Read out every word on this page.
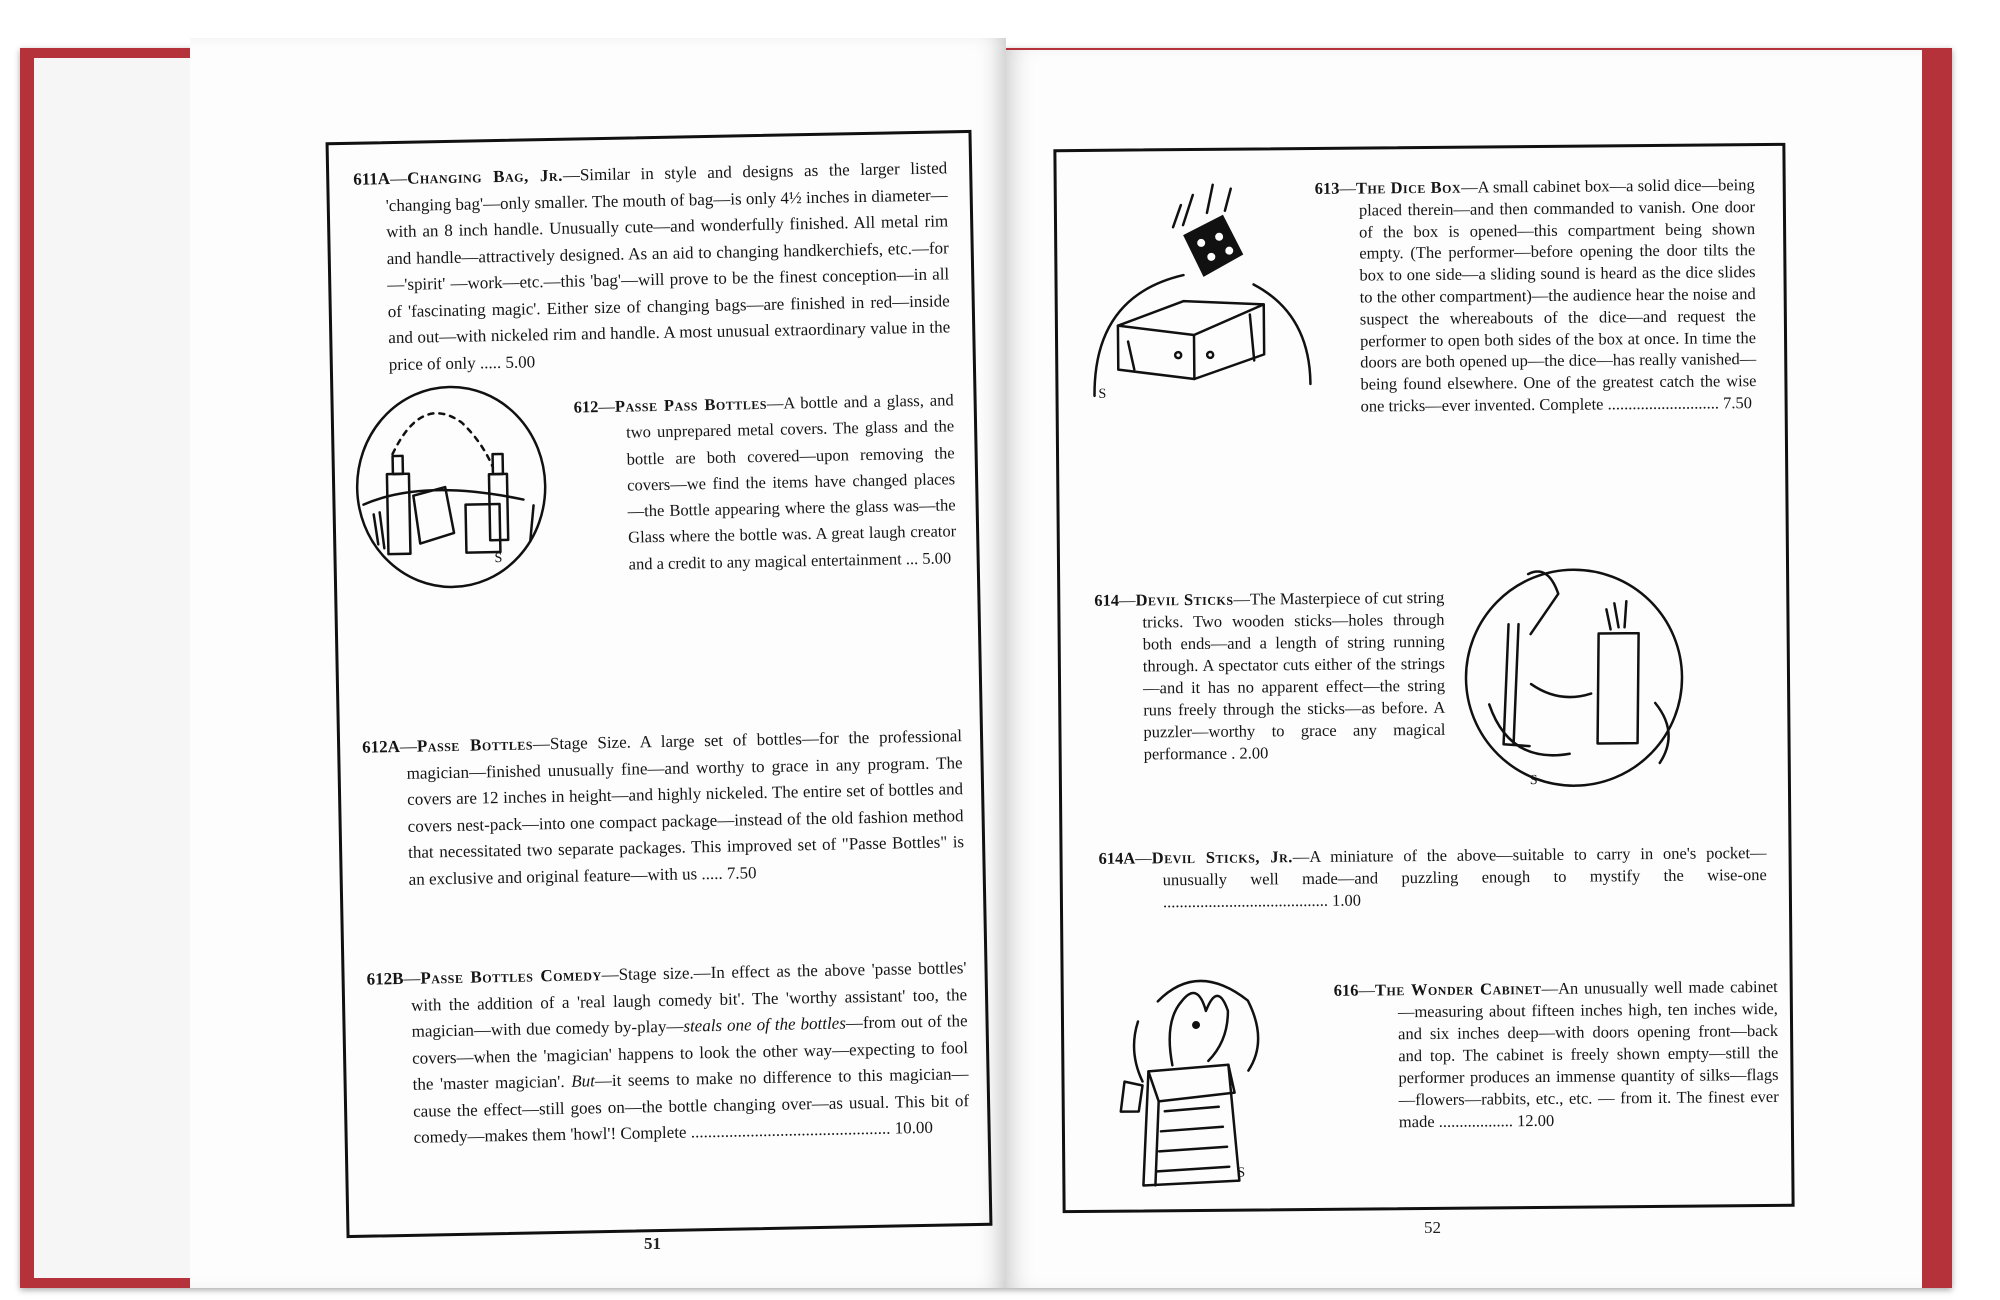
611A—Changing Bag, Jr.—Similar in style and designs as the larger listed 'changing bag'—only smaller. The mouth of bag—is only 4½ inches in diameter—with an 8 inch handle. Unusually cute—and wonderfully finished. All metal rim and handle—attractively designed. As an aid to changing handkerchiefs, etc.—for—'spirit' —work—etc.—this 'bag'—will prove to be the finest conception—in all of 'fascinating magic'. Either size of changing bags—are finished in red—inside and out—with nickeled rim and handle. A most unusual extraordinary value in the price of only ..... 5.00
S
612—Passe Pass Bottles—A bottle and a glass, and two unprepared metal covers. The glass and the bottle are both covered—upon removing the covers—we find the items have changed places—the Bottle appearing where the glass was—the Glass where the bottle was. A great laugh creator and a credit to any magical entertainment ... 5.00
612A—Passe Bottles—Stage Size. A large set of bottles—for the professional magician—finished unusually fine—and worthy to grace in any program. The covers are 12 inches in height—and highly nickeled. The entire set of bottles and covers nest-pack—into one compact package—instead of the old fashion method that necessitated two separate packages. This improved set of "Passe Bottles" is an exclusive and original feature—with us ..... 7.50
612B—Passe Bottles Comedy—Stage size.—In effect as the above 'passe bottles' with the addition of a 'real laugh comedy bit'. The 'worthy assistant' too, the magician—with due comedy by-play—steals one of the bottles—from out of the covers—when the 'magician' happens to look the other way—expecting to fool the 'master magician'. But—it seems to make no difference to this magician—cause the effect—still goes on—the bottle changing over—as usual. This bit of comedy—makes them 'howl'! Complete ............................................... 10.00
51
S
613—The Dice Box—A small cabinet box—a solid dice—being placed therein—and then commanded to vanish. One door of the box is opened—this compartment being shown empty. (The performer—before opening the door tilts the box to one side—a sliding sound is heard as the dice slides to the other compartment)—the audience hear the noise and suspect the whereabouts of the dice—and request the performer to open both sides of the box at once. In time the doors are both opened up—the dice—has really vanished—being found elsewhere. One of the greatest catch the wise one tricks—ever invented. Complete ........................... 7.50
S
614—Devil Sticks—The Masterpiece of cut string tricks. Two wooden sticks—holes through both ends—and a length of string running through. A spectator cuts either of the strings—and it has no apparent effect—the string runs freely through the sticks—as before. A puzzler—worthy to grace any magical performance . 2.00
614A—Devil Sticks, Jr.—A miniature of the above—suitable to carry in one's pocket—unusually well made—and puzzling enough to mystify the wise-one ........................................ 1.00
S
616—The Wonder Cabinet—An unusually well made cabinet—measuring about fifteen inches high, ten inches wide, and six inches deep—with doors opening front—back and top. The cabinet is freely shown empty—still the performer produces an immense quantity of silks—flags—flowers—rabbits, etc., etc. — from it. The finest ever made .................. 12.00
52
